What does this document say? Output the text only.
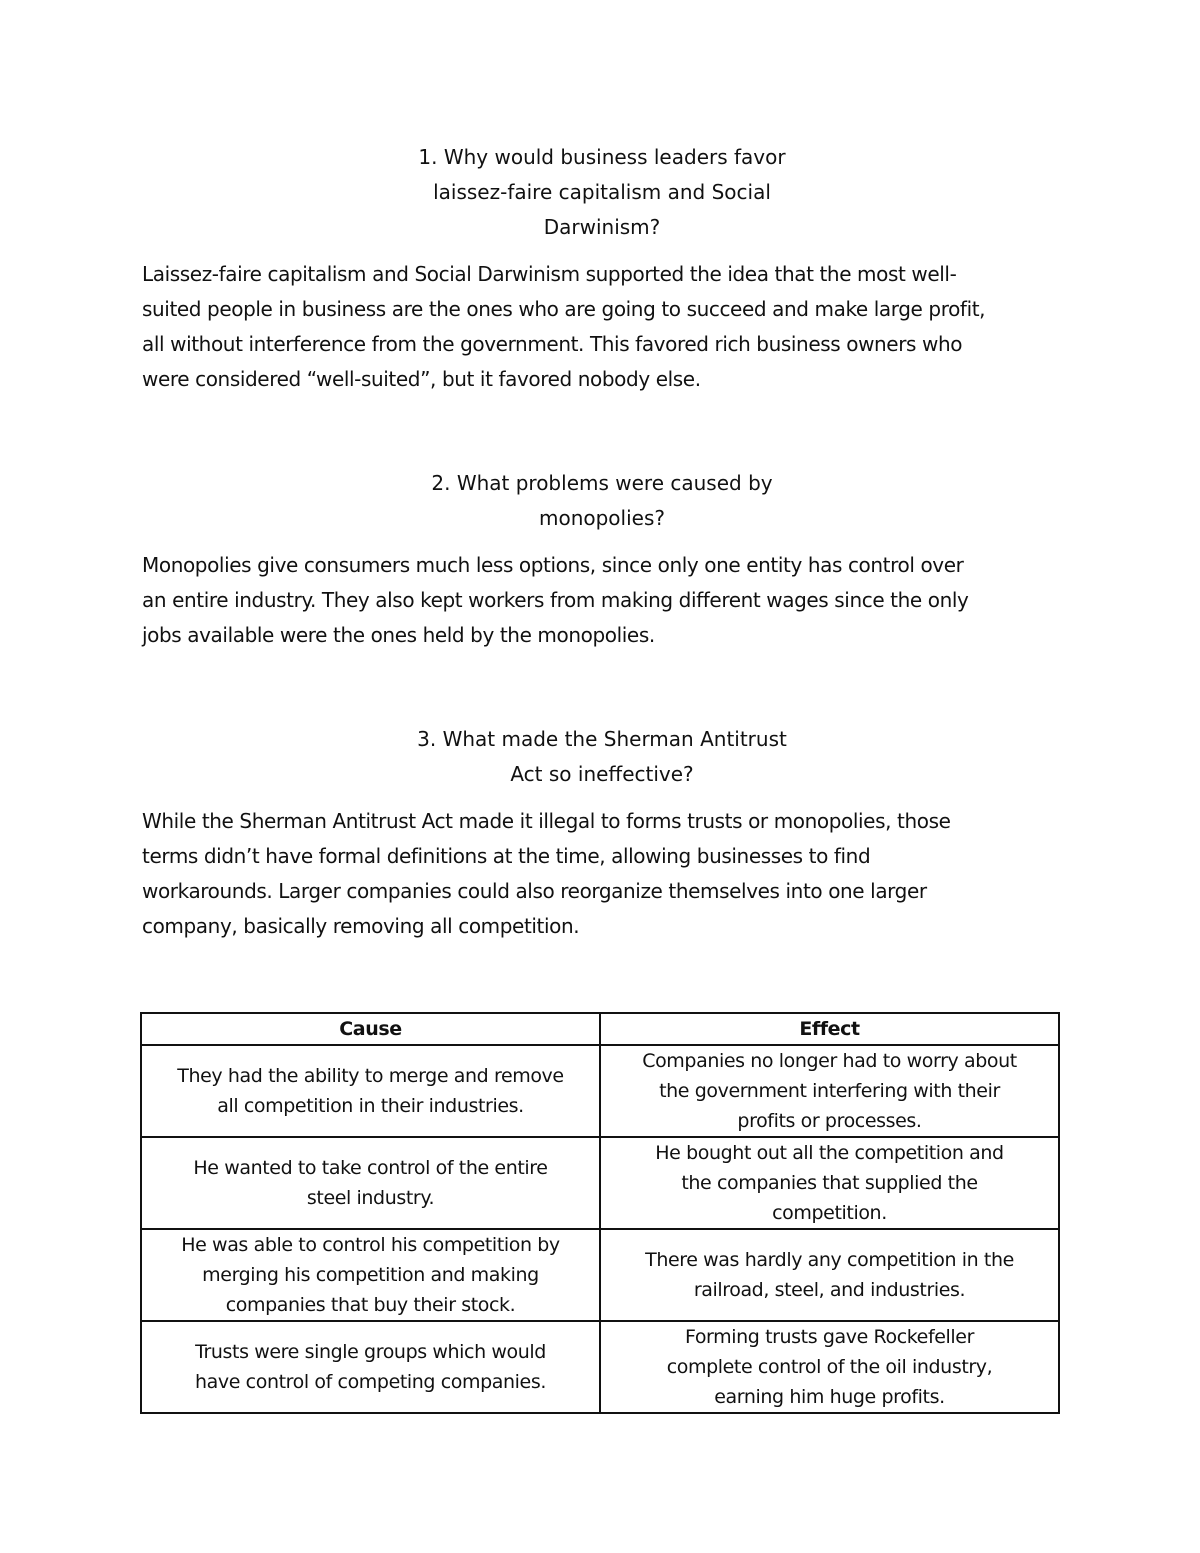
1. Why would business leaders favor
laissez-faire capitalism and Social
Darwinism?

Laissez-faire capitalism and Social Darwinism supported the idea that the most well-
suited people in business are the ones who are going to succeed and make large profit,
all without interference from the government. This favored rich business owners who
were considered “well-suited”, but it favored nobody else.

2. What problems were caused by
monopolies?

Monopolies give consumers much less options, since only one entity has control over
an entire industry. They also kept workers from making different wages since the only
jobs available were the ones held by the monopolies.

3. What made the Sherman Antitrust
Act so ineffective?

While the Sherman Antitrust Act made it illegal to forms trusts or monopolies, those
terms didn’t have formal definitions at the time, allowing businesses to find
workarounds. Larger companies could also reorganize themselves into one larger
company, basically removing all competition.

Cause	Effect

They had the ability to merge and remove
all competition in their industries.	Companies no longer had to worry about
the government interfering with their
profits or processes.

He wanted to take control of the entire
steel industry.	He bought out all the competition and
the companies that supplied the
competition.

He was able to control his competition by
merging his competition and making
companies that buy their stock.	There was hardly any competition in the
railroad, steel, and industries.

Trusts were single groups which would
have control of competing companies.	Forming trusts gave Rockefeller
complete control of the oil industry,
earning him huge profits.
